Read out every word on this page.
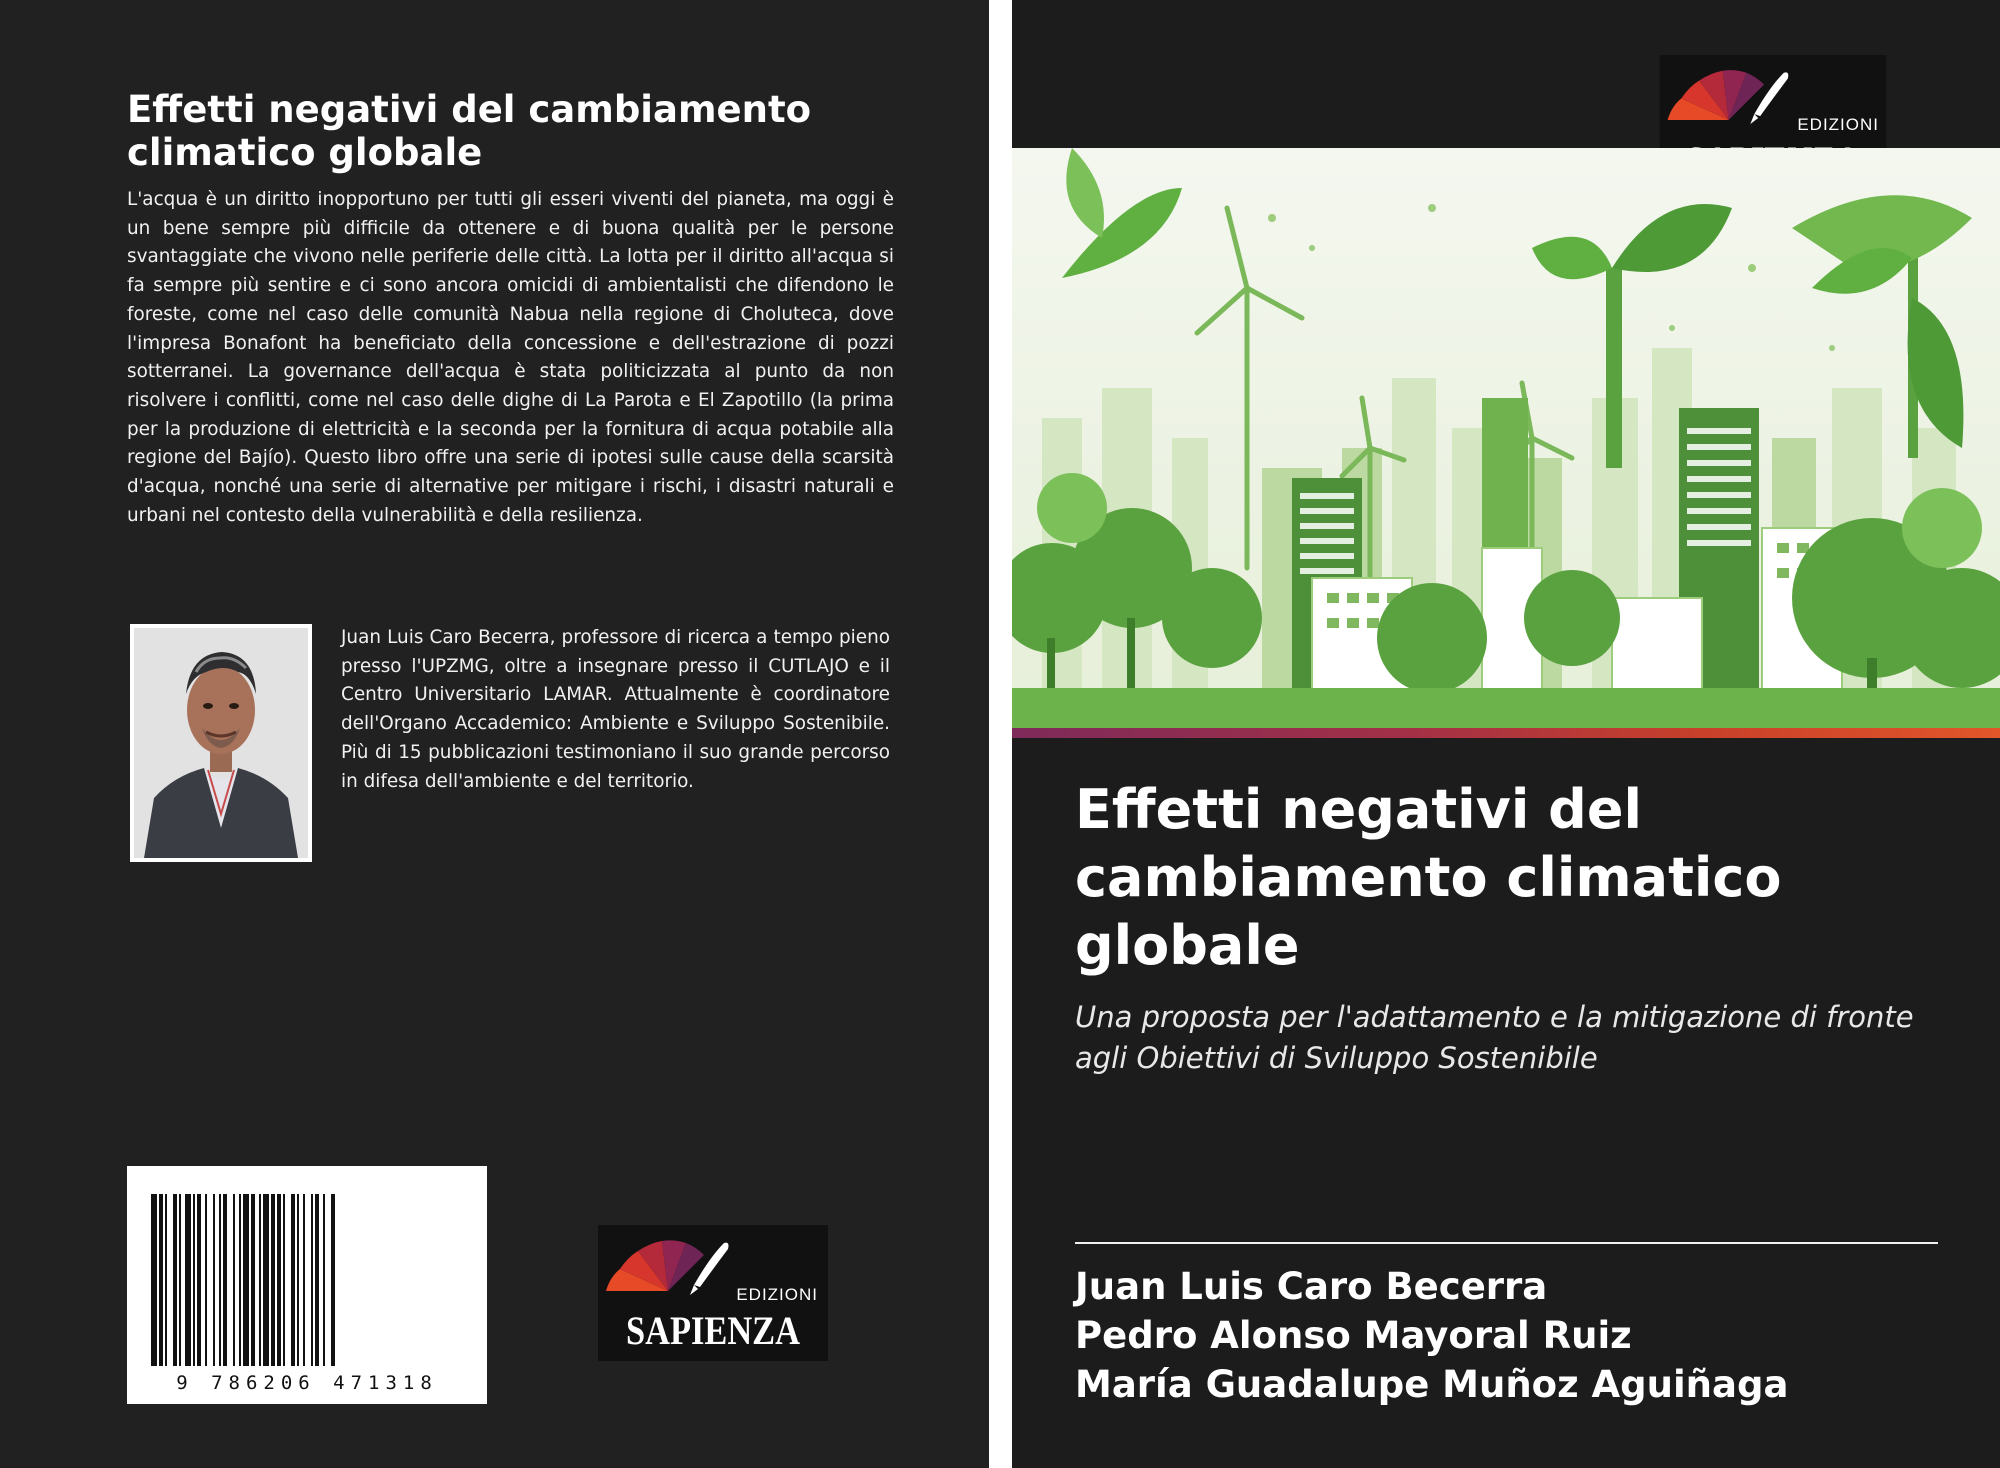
Effetti negativi del cambiamento climatico globale

L'acqua è un diritto inopportuno per tutti gli esseri viventi del pianeta, ma oggi è un bene sempre più difficile da ottenere e di buona qualità per le persone svantaggiate che vivono nelle periferie delle città. La lotta per il diritto all'acqua si fa sempre più sentire e ci sono ancora omicidi di ambientalisti che difendono le foreste, come nel caso delle comunità Nabua nella regione di Choluteca, dove l'impresa Bonafont ha beneficiato della concessione e dell'estrazione di pozzi sotterranei. La governance dell'acqua è stata politicizzata al punto da non risolvere i conflitti, come nel caso delle dighe di La Parota e El Zapotillo (la prima per la produzione di elettricità e la seconda per la fornitura di acqua potabile alla regione del Bajío). Questo libro offre una serie di ipotesi sulle cause della scarsità d'acqua, nonché una serie di alternative per mitigare i rischi, i disastri naturali e urbani nel contesto della vulnerabilità e della resilienza.

Juan Luis Caro Becerra, professore di ricerca a tempo pieno presso l'UPZMG, oltre a insegnare presso il CUTLAJO e il Centro Universitario LAMAR. Attualmente è coordinatore dell'Organo Accademico: Ambiente e Sviluppo Sostenibile. Più di 15 pubblicazioni testimoniano il suo grande percorso in difesa dell'ambiente e del territorio.

9 786206 471318
EDIZIONI
SAPIENZA
EDIZIONI
Effetti negativi del cambiamento climatico globale

Una proposta per l'adattamento e la mitigazione di fronte agli Obiettivi di Sviluppo Sostenibile

Juan Luis Caro Becerra
Pedro Alonso Mayoral Ruiz
María Guadalupe Muñoz Aguiñaga
